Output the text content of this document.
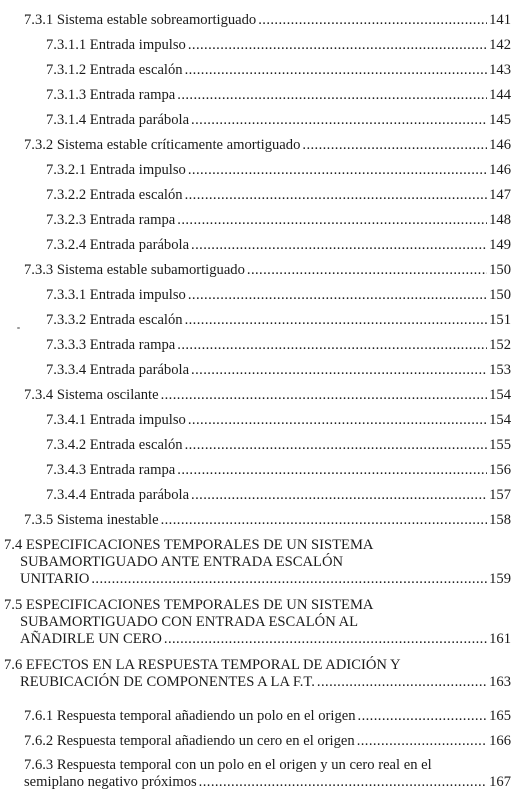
7.3.1 Sistema estable sobreamortiguado .....	141
7.3.1.1 Entrada impulso .....	142
7.3.1.2 Entrada escalón .....	143
7.3.1.3 Entrada rampa .....	144
7.3.1.4 Entrada parábola .....	145
7.3.2 Sistema estable críticamente amortiguado .....	146
7.3.2.1 Entrada impulso .....	146
7.3.2.2 Entrada escalón .....	147
7.3.2.3 Entrada rampa .....	148
7.3.2.4 Entrada parábola .....	149
7.3.3 Sistema estable subamortiguado .....	150
7.3.3.1 Entrada impulso .....	150
7.3.3.2 Entrada escalón .....	151
7.3.3.3 Entrada rampa .....	152
7.3.3.4 Entrada parábola .....	153
7.3.4 Sistema oscilante .....	154
7.3.4.1 Entrada impulso .....	154
7.3.4.2 Entrada escalón .....	155
7.3.4.3 Entrada rampa .....	156
7.3.4.4 Entrada parábola .....	157
7.3.5 Sistema inestable .....	158
7.4 ESPECIFICACIONES TEMPORALES DE UN SISTEMA
SUBAMORTIGUADO ANTE ENTRADA ESCALÓN
UNITARIO .....	159
7.5 ESPECIFICACIONES TEMPORALES DE UN SISTEMA
SUBAMORTIGUADO CON ENTRADA ESCALÓN AL
AÑADIRLE UN CERO .....	161
7.6 EFECTOS EN LA RESPUESTA TEMPORAL DE ADICIÓN Y
REUBICACIÓN DE COMPONENTES A LA F.T. .....	163
7.6.1 Respuesta temporal añadiendo un polo en el origen .....	165
7.6.2 Respuesta temporal añadiendo un cero en el origen .....	166
7.6.3 Respuesta temporal con un polo en el origen y un cero real en el
semiplano negativo próximos .....	167
